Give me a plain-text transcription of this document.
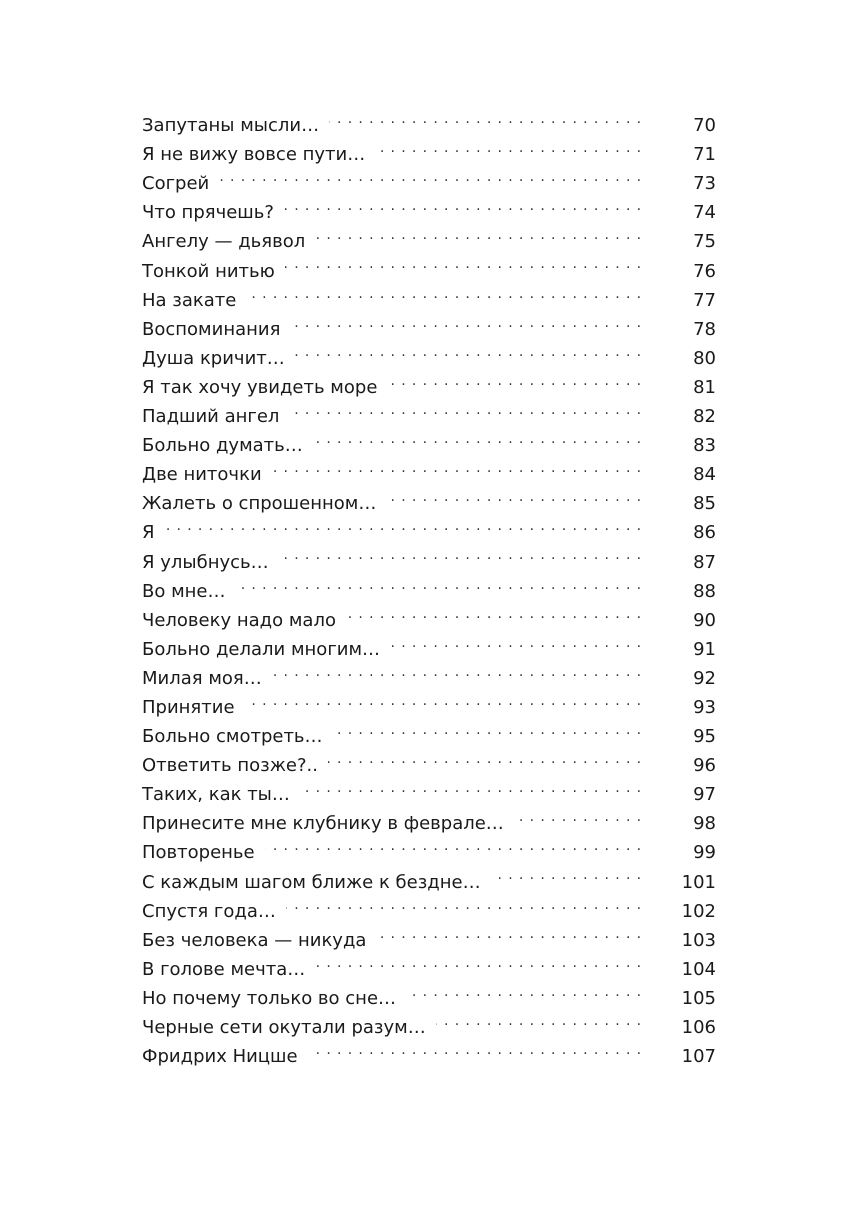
Запутаны мысли… . . .	70
Я не вижу вовсе пути… . . .	71
Согрей . . .	73
Что прячешь? . . .	74
Ангелу — дьявол . . .	75
Тонкой нитью . . .	76
На закате . . .	77
Воспоминания . . .	78
Душа кричит… . . .	80
Я так хочу увидеть море . . .	81
Падший ангел . . .	82
Больно думать… . . .	83
Две ниточки . . .	84
Жалеть о спрошенном… . . .	85
Я . . .	86
Я улыбнусь… . . .	87
Во мне… . . .	88
Человеку надо мало . . .	90
Больно делали многим… . . .	91
Милая моя… . . .	92
Принятие . . .	93
Больно смотреть… . . .	95
Ответить позже?.. . . .	96
Таких, как ты… . . .	97
Принесите мне клубнику в феврале… . . .	98
Повторенье . . .	99
С каждым шагом ближе к бездне… . . .	101
Спустя года… . . .	102
Без человека — никуда . . .	103
В голове мечта… . . .	104
Но почему только во сне… . . .	105
Черные сети окутали разум… . . .	106
Фридрих Ницше . . .	107
